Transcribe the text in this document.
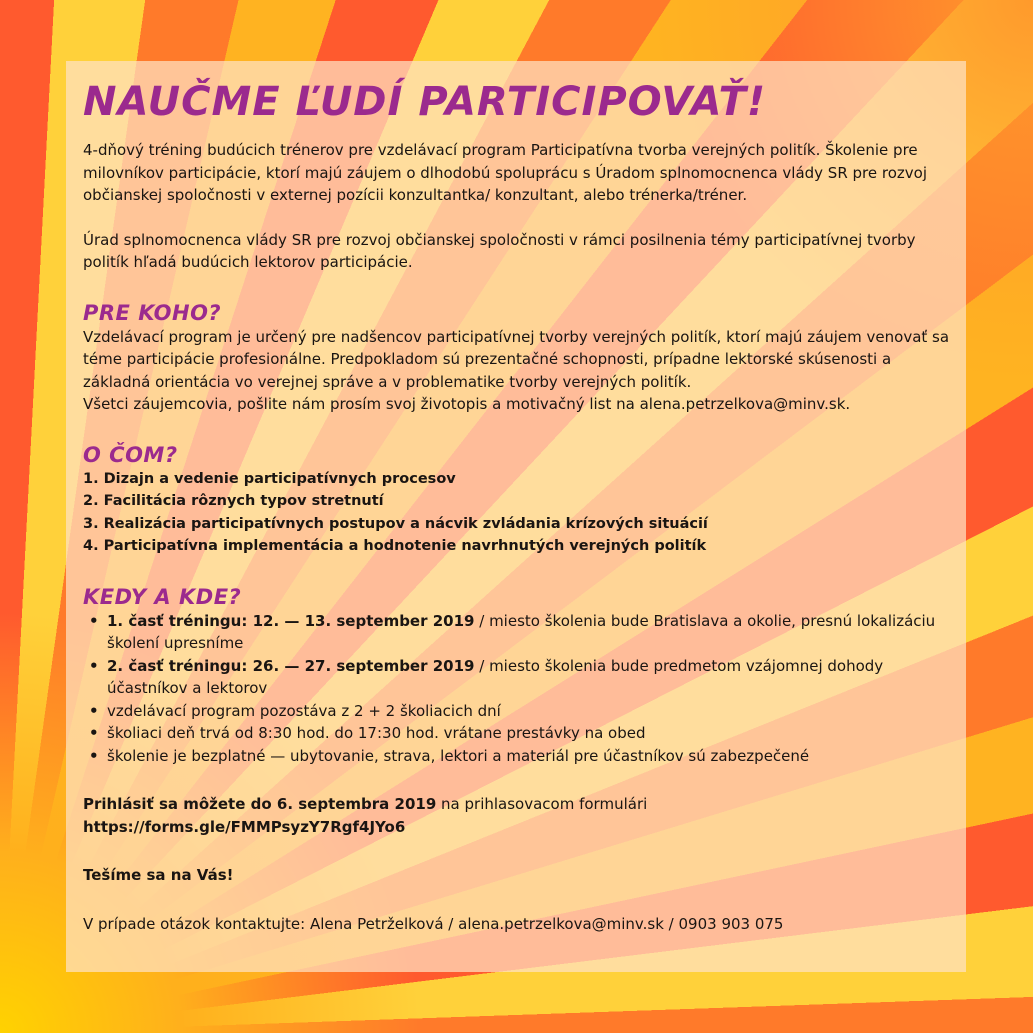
NAUČME ĽUDÍ PARTICIPOVAŤ!

4-dňový tréning budúcich trénerov pre vzdelávací program Participatívna tvorba verejných politík. Školenie pre milovníkov participácie, ktorí majú záujem o dlhodobú spoluprácu s Úradom splnomocnenca vlády SR pre rozvoj občianskej spoločnosti v externej pozícii konzultantka/ konzultant, alebo trénerka/tréner.

Úrad splnomocnenca vlády SR pre rozvoj občianskej spoločnosti v rámci posilnenia témy participatívnej tvorby politík hľadá budúcich lektorov participácie.

PRE KOHO?

Vzdelávací program je určený pre nadšencov participatívnej tvorby verejných politík, ktorí majú záujem venovať sa téme participácie profesionálne. Predpokladom sú prezentačné schopnosti, prípadne lektorské skúsenosti a základná orientácia vo verejnej správe a v problematike tvorby verejných politík.

Všetci záujemcovia, pošlite nám prosím svoj životopis a motivačný list na alena.petrzelkova@minv.sk.

O ČOM?
1. Dizajn a vedenie participatívnych procesov
2. Facilitácia rôznych typov stretnutí
3. Realizácia participatívnych postupov a nácvik zvládania krízových situácií
4. Participatívna implementácia a hodnotenie navrhnutých verejných politík
KEDY A KDE?
• 1. časť tréningu: 12. — 13. september 2019 / miesto školenia bude Bratislava a okolie, presnú lokalizáciu školení upresníme
• 2. časť tréningu: 26. — 27. september 2019 / miesto školenia bude predmetom vzájomnej dohody účastníkov a lektorov
• vzdelávací program pozostáva z 2 + 2 školiacich dní
• školiaci deň trvá od 8:30 hod. do 17:30 hod. vrátane prestávky na obed
• školenie je bezplatné — ubytovanie, strava, lektori a materiál pre účastníkov sú zabezpečené

Prihlásiť sa môžete do 6. septembra 2019 na prihlasovacom formulári

https://forms.gle/FMMPsyzY7Rgf4JYo6

Tešíme sa na Vás!

V prípade otázok kontaktujte: Alena Petrželková / alena.petrzelkova@minv.sk / 0903 903 075
